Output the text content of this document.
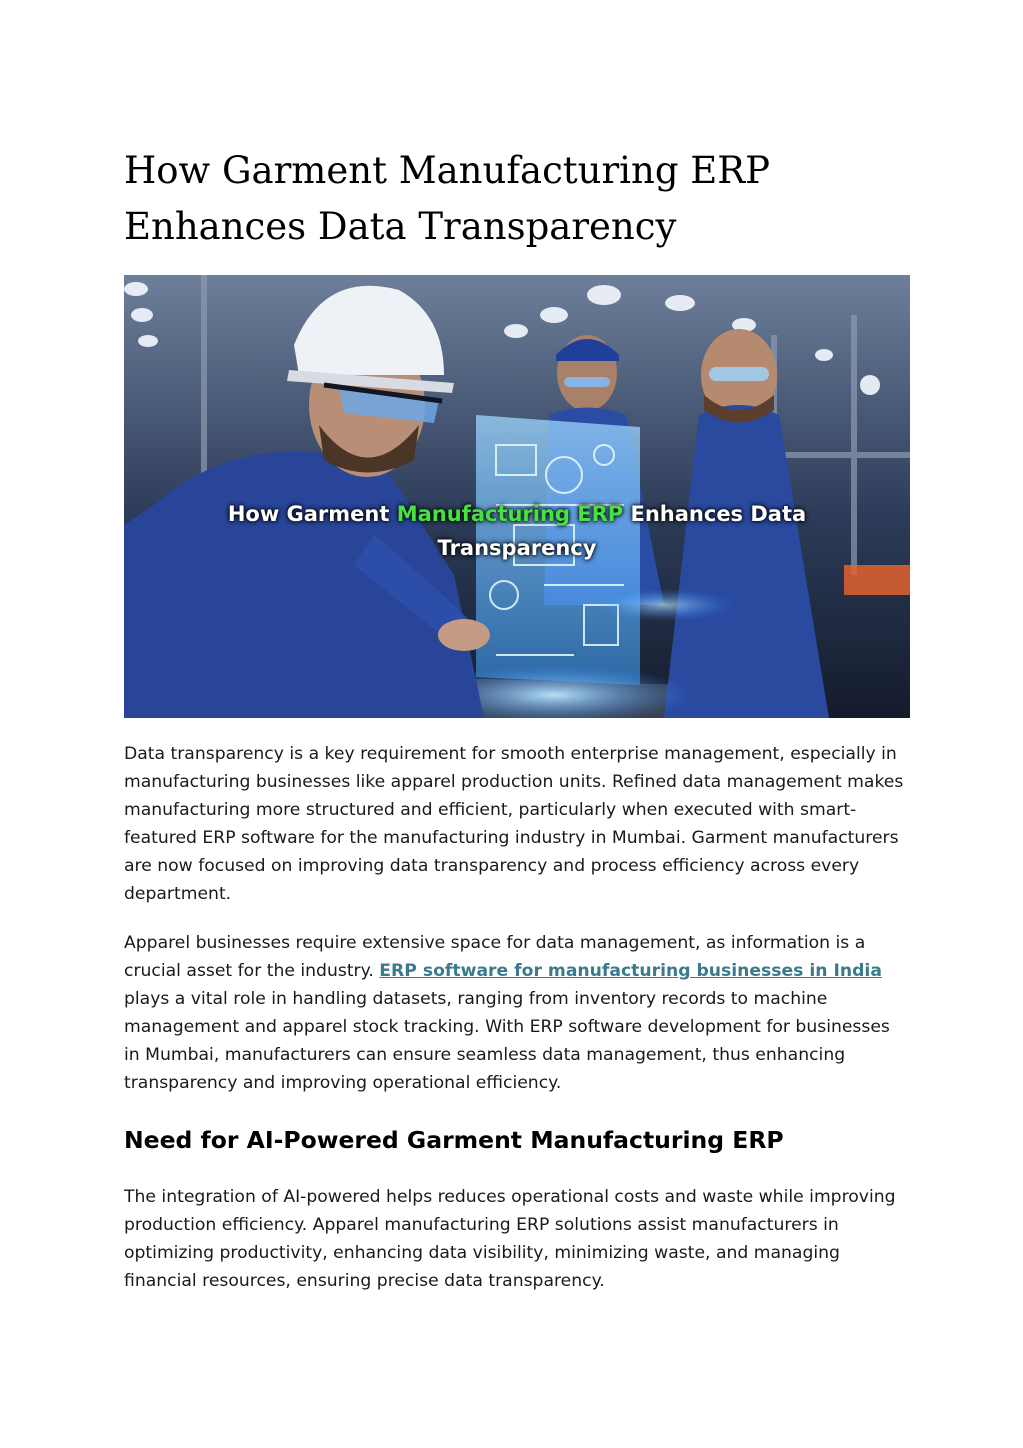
How Garment Manufacturing ERP
Enhances Data Transparency
How Garment Manufacturing ERP Enhances Data Transparency

Data transparency is a key requirement for smooth enterprise management, especially in manufacturing businesses like apparel production units. Refined data management makes manufacturing more structured and efficient, particularly when executed with smart-featured ERP software for the manufacturing industry in Mumbai. Garment manufacturers are now focused on improving data transparency and process efficiency across every department.

Apparel businesses require extensive space for data management, as information is a crucial asset for the industry. ERP software for manufacturing businesses in India plays a vital role in handling datasets, ranging from inventory records to machine management and apparel stock tracking. With ERP software development for businesses in Mumbai, manufacturers can ensure seamless data management, thus enhancing transparency and improving operational efficiency.

Need for AI-Powered Garment Manufacturing ERP

The integration of AI-powered helps reduces operational costs and waste while improving production efficiency. Apparel manufacturing ERP solutions assist manufacturers in optimizing productivity, enhancing data visibility, minimizing waste, and managing financial resources, ensuring precise data transparency.
